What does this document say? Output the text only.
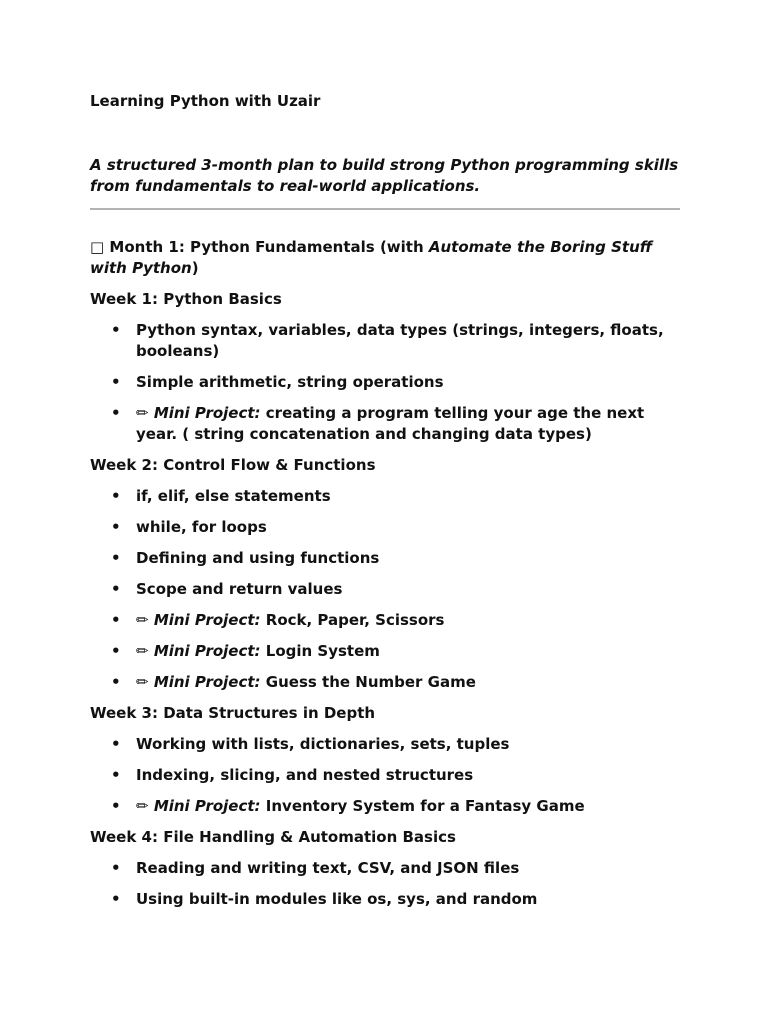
Learning Python with Uzair
A structured 3-month plan to build strong Python programming skills from fundamentals to real-world applications.
□ Month 1: Python Fundamentals (with Automate the Boring Stuff with Python)
Week 1: Python Basics
• Python syntax, variables, data types (strings, integers, floats, booleans)
• Simple arithmetic, string operations
• ✏ Mini Project: creating a program telling your age the next year. ( string concatenation and changing data types)
Week 2: Control Flow & Functions
• if, elif, else statements
• while, for loops
• Defining and using functions
• Scope and return values
• ✏ Mini Project: Rock, Paper, Scissors
• ✏ Mini Project: Login System
• ✏ Mini Project: Guess the Number Game
Week 3: Data Structures in Depth
• Working with lists, dictionaries, sets, tuples
• Indexing, slicing, and nested structures
• ✏ Mini Project: Inventory System for a Fantasy Game
Week 4: File Handling & Automation Basics
• Reading and writing text, CSV, and JSON files
• Using built-in modules like os, sys, and random
